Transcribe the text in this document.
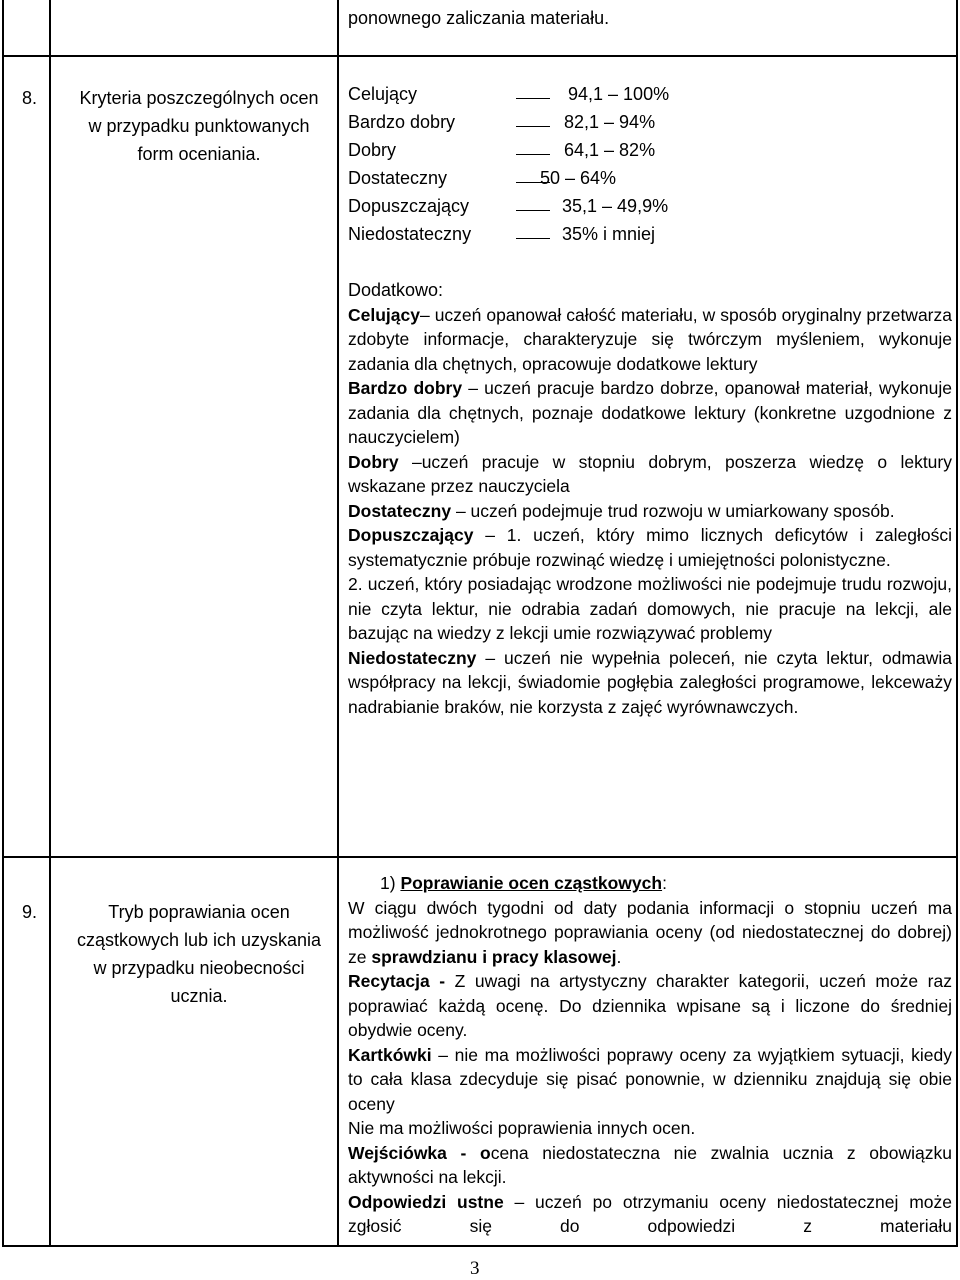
ponownego zaliczania materiału.
8.	Kryteria poszczególnych ocen w przypadku punktowanych form oceniania.
Celujący	94,1 – 100%
Bardzo dobry	82,1 – 94%
Dobry	64,1 – 82%
Dostateczny	50 – 64%
Dopuszczający	35,1 – 49,9%
Niedostateczny	35% i mniej

Dodatkowo:

Celujący– uczeń opanował całość materiału, w sposób oryginalny przetwarza zdobyte informacje, charakteryzuje się twórczym myśleniem, wykonuje zadania dla chętnych, opracowuje dodatkowe lektury

Bardzo dobry – uczeń pracuje bardzo dobrze, opanował materiał, wykonuje zadania dla chętnych, poznaje dodatkowe lektury (konkretne uzgodnione z nauczycielem)

Dobry –uczeń pracuje w stopniu dobrym, poszerza wiedzę o lektury wskazane przez nauczyciela

Dostateczny – uczeń podejmuje trud rozwoju w umiarkowany sposób.

Dopuszczający – 1. uczeń, który mimo licznych deficytów i zaległości systematycznie próbuje rozwinąć wiedzę i umiejętności polonistyczne.

2. uczeń, który posiadając wrodzone możliwości nie podejmuje trudu rozwoju, nie czyta lektur, nie odrabia zadań domowych, nie pracuje na lekcji, ale bazując na wiedzy z lekcji umie rozwiązywać problemy

Niedostateczny – uczeń nie wypełnia poleceń, nie czyta lektur, odmawia współpracy na lekcji, świadomie pogłębia zaległości programowe, lekceważy nadrabianie braków, nie korzysta z zajęć wyrównawczych.

9.	Tryb poprawiania ocen cząstkowych lub ich uzyskania w przypadku nieobecności ucznia.

1) Poprawianie ocen cząstkowych:

W ciągu dwóch tygodni od daty podania informacji o stopniu uczeń ma możliwość jednokrotnego poprawiania oceny (od niedostatecznej do dobrej) ze sprawdzianu i pracy klasowej.

Recytacja - Z uwagi na artystyczny charakter kategorii, uczeń może raz poprawiać każdą ocenę. Do dziennika wpisane są i liczone do średniej obydwie oceny.

Kartkówki – nie ma możliwości poprawy oceny za wyjątkiem sytuacji, kiedy to cała klasa zdecyduje się pisać ponownie, w dzienniku znajdują się obie oceny

Nie ma możliwości poprawienia innych ocen.

Wejściówka - ocena niedostateczna nie zwalnia ucznia z obowiązku aktywności na lekcji.

Odpowiedzi ustne – uczeń po otrzymaniu oceny niedostatecznej może zgłosić się do odpowiedzi z materiału

3
